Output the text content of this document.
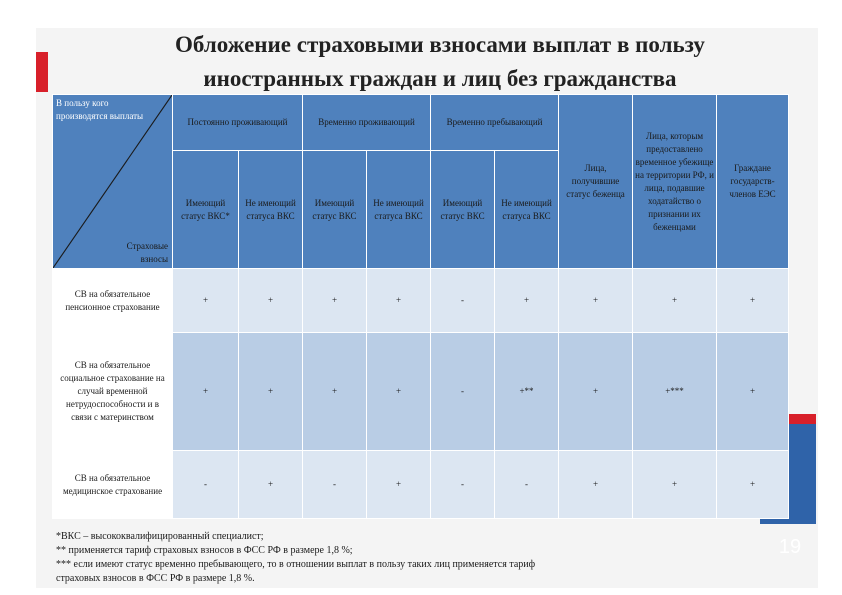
Обложение страховыми взносами выплат в пользу
иностранных граждан и лиц без гражданства
В пользу кого производятся выплаты
Страховые взносы	Постоянно проживающий		Временно проживающий		Временно пребывающий		Лица, получившие статус беженца	Лица, которым предоставлено временное убежище на территории РФ, и лица, подавшие ходатайство о признании их беженцами	Граждане государств-членов ЕЭС
	Имеющий статус ВКС*	Не имеющий статуса ВКС	Имеющий статус ВКС	Не имеющий статуса ВКС	Имеющий статус ВКС	Не имеющий статуса ВКС			
СВ на обязательное пенсионное страхование	+	+	+	+	-	+	+	+	+
СВ на обязательное социальное страхование на случай временной нетрудоспособности и в связи с материнством	+	+	+	+	-	+**	+	+***	+
СВ на обязательное медицинское страхование	-	+	-	+	-	-	+	+	+
*ВКС – высококвалифицированный специалист;
** применяется тариф страховых взносов в ФСС РФ в размере 1,8 %;
*** если имеют статус временно пребывающего, то в отношении выплат в пользу таких лиц применяется тариф
страховых взносов в ФСС РФ в размере 1,8 %.
19
